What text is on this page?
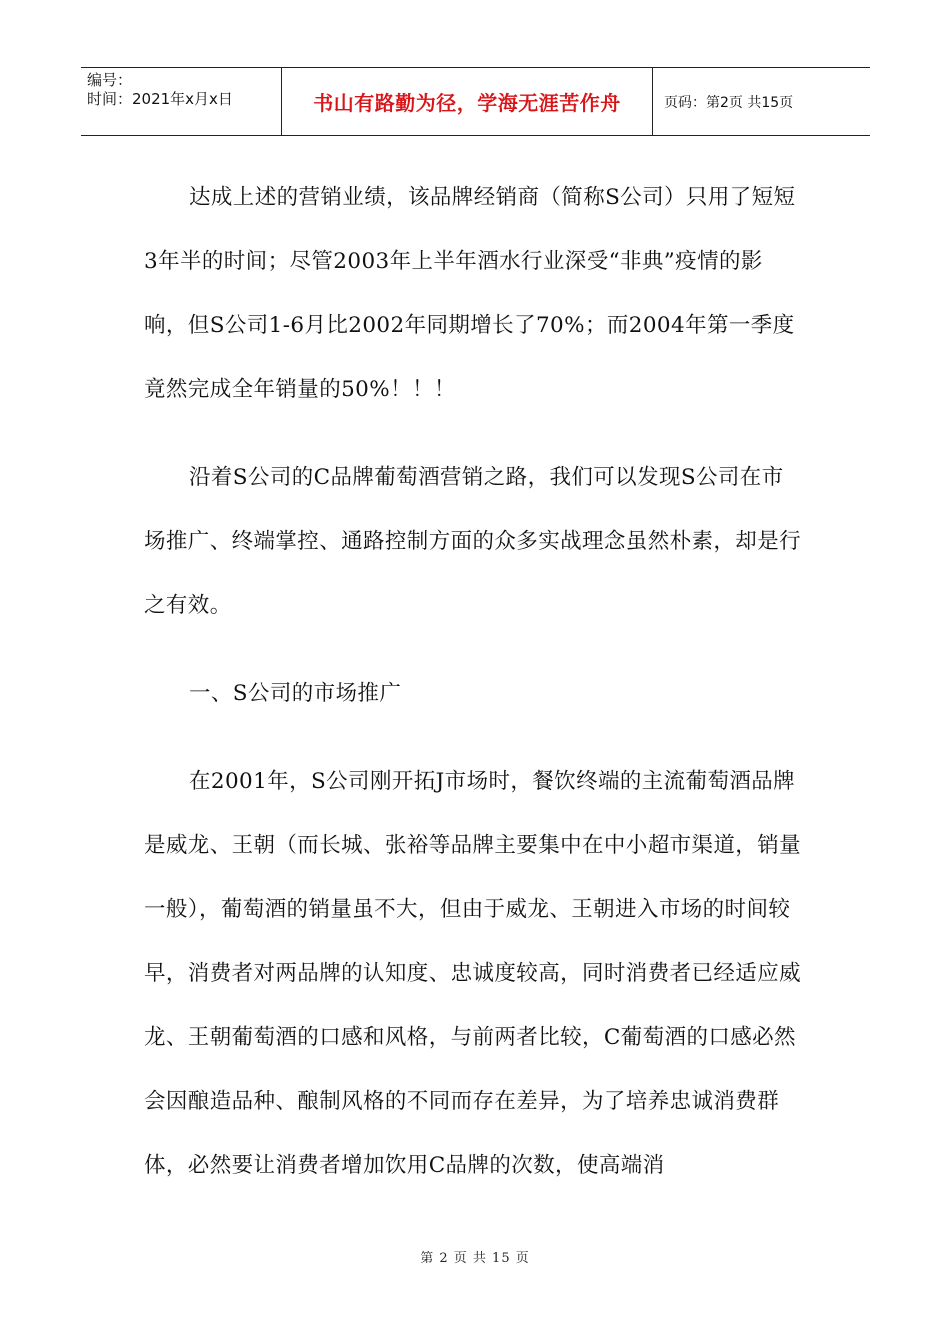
编号：
时间：2021年x月x日	书山有路勤为径，学海无涯苦作舟	页码：第2页 共15页

达成上述的营销业绩，该品牌经销商（简称S公司）只用了短短3年半的时间；尽管2003年上半年酒水行业深受“非典”疫情的影响，但S公司1-6月比2002年同期增长了70%；而2004年第一季度竟然完成全年销量的50%！！！

沿着S公司的C品牌葡萄酒营销之路，我们可以发现S公司在市场推广、终端掌控、通路控制方面的众多实战理念虽然朴素，却是行之有效。

一、S公司的市场推广

在2001年，S公司刚开拓J市场时，餐饮终端的主流葡萄酒品牌是威龙、王朝（而长城、张裕等品牌主要集中在中小超市渠道，销量一般），葡萄酒的销量虽不大，但由于威龙、王朝进入市场的时间较早，消费者对两品牌的认知度、忠诚度较高，同时消费者已经适应威龙、王朝葡萄酒的口感和风格，与前两者比较，C葡萄酒的口感必然会因酿造品种、酿制风格的不同而存在差异，为了培养忠诚消费群体，必然要让消费者增加饮用C品牌的次数，使高端消

第 2 页 共 15 页
